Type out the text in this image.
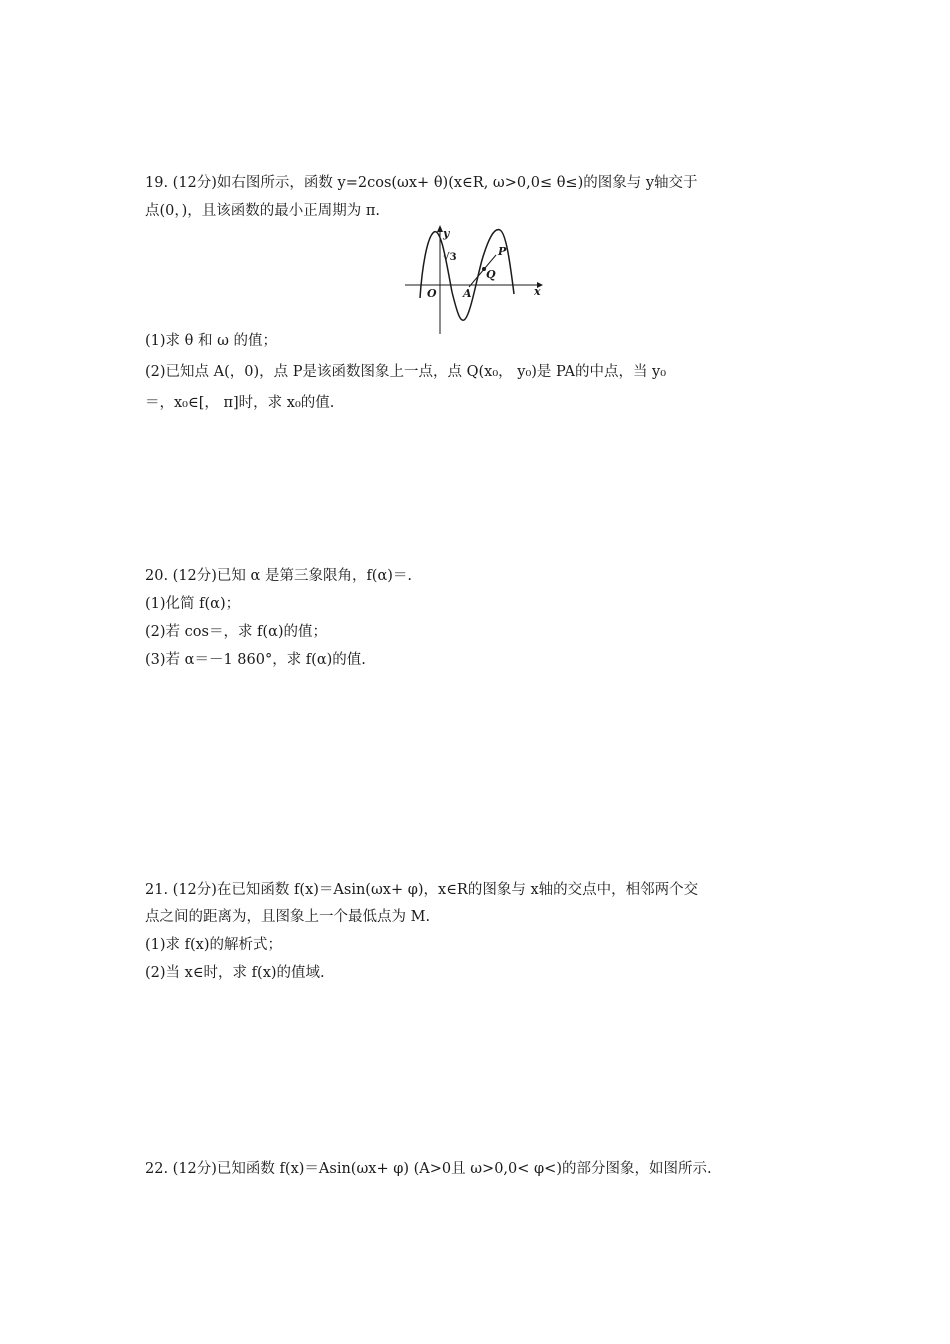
19. (12分)如右图所示，函数 y=2cos(ωx+ θ)(x∈R, ω>0,0≤ θ≤)的图象与 y轴交于
点(0，)，且该函数的最小正周期为 π.
y
x
O A
P
Q
√3
(1)求 θ 和 ω 的值；
(2)已知点 A(，0)，点 P是该函数图象上一点，点 Q(x₀， y₀)是 PA的中点，当 y₀
＝，x₀∈[， π]时，求 x₀的值.
20. (12分)已知 α 是第三象限角，f(α)＝.
(1)化简 f(α)；
(2)若 cos＝，求 f(α)的值；
(3)若 α＝－1 860°，求 f(α)的值.
21. (12分)在已知函数 f(x)＝Asin(ωx+ φ)，x∈R的图象与 x轴的交点中，相邻两个交
点之间的距离为，且图象上一个最低点为 M.
(1)求 f(x)的解析式；
(2)当 x∈时，求 f(x)的值域.
22. (12分)已知函数 f(x)＝Asin(ωx+ φ) (A>0且 ω>0,0< φ<)的部分图象，如图所示.
